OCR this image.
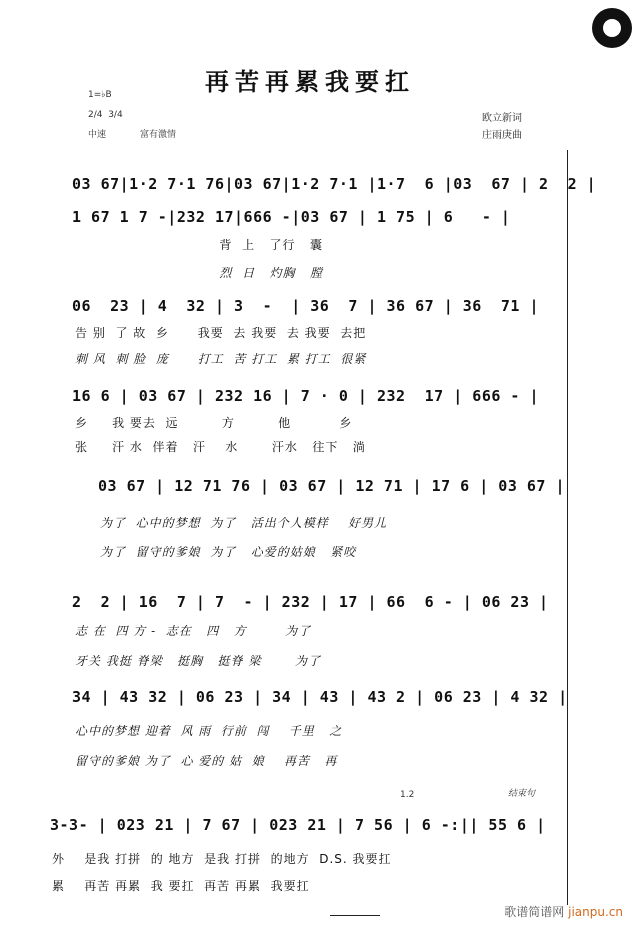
再苦再累我要扛
1=♭B
2/4  3/4
中速	富有激情
欧立新词
庄雨庚曲
03 67|1·2 7·1 76|03 67|1·2 7·1 |1·7  6 |03  67 | 2  2 |
1 67 1 7 -|232 17|666 -|03 67 | 1 75 | 6   - |
背  上   了行   囊
烈  日   灼胸   膛
06  23 | 4  32 | 3  -  | 36  7 | 36 67 | 36  71 |
告 别  了 故  乡      我要  去 我要  去 我要  去把
刺 风  刺 脸  庞      打工  苦 打工  累 打工  很紧
16 6 | 03 67 | 232 16 | 7 · 0 | 232  17 | 666 - |
乡     我 要去  远         方         他          乡
张     汗 水  伴着   汗    水       汗水   往下   淌
03 67 | 12 71 76 | 03 67 | 12 71 | 17 6 | 03 67 |
为了  心中的梦想  为了   活出个人模样    好男儿
为了  留守的爹娘  为了   心爱的姑娘   紧咬
2  2 | 16  7 | 7  - | 232 | 17 | 66  6 - | 06 23 |
志 在  四 方 -  志在   四   方        为了
牙关 我挺 脊梁   挺胸   挺脊 梁       为了
34 | 43 32 | 06 23 | 34 | 43 | 43 2 | 06 23 | 4 32 |
心中的梦想 迎着  风 雨  行前  闯    千里   之
留守的爹娘 为了  心 爱的 姑  娘    再苦   再
1.2	结束句
3-3- | 023 21 | 7 67 | 023 21 | 7 56 | 6 -:|| 55 6 |
外    是我 打拼  的 地方  是我 打拼  的地方  D.S. 我要扛
累    再苦 再累  我 要扛  再苦 再累  我要扛
歌谱简谱网 jianpu.cn
